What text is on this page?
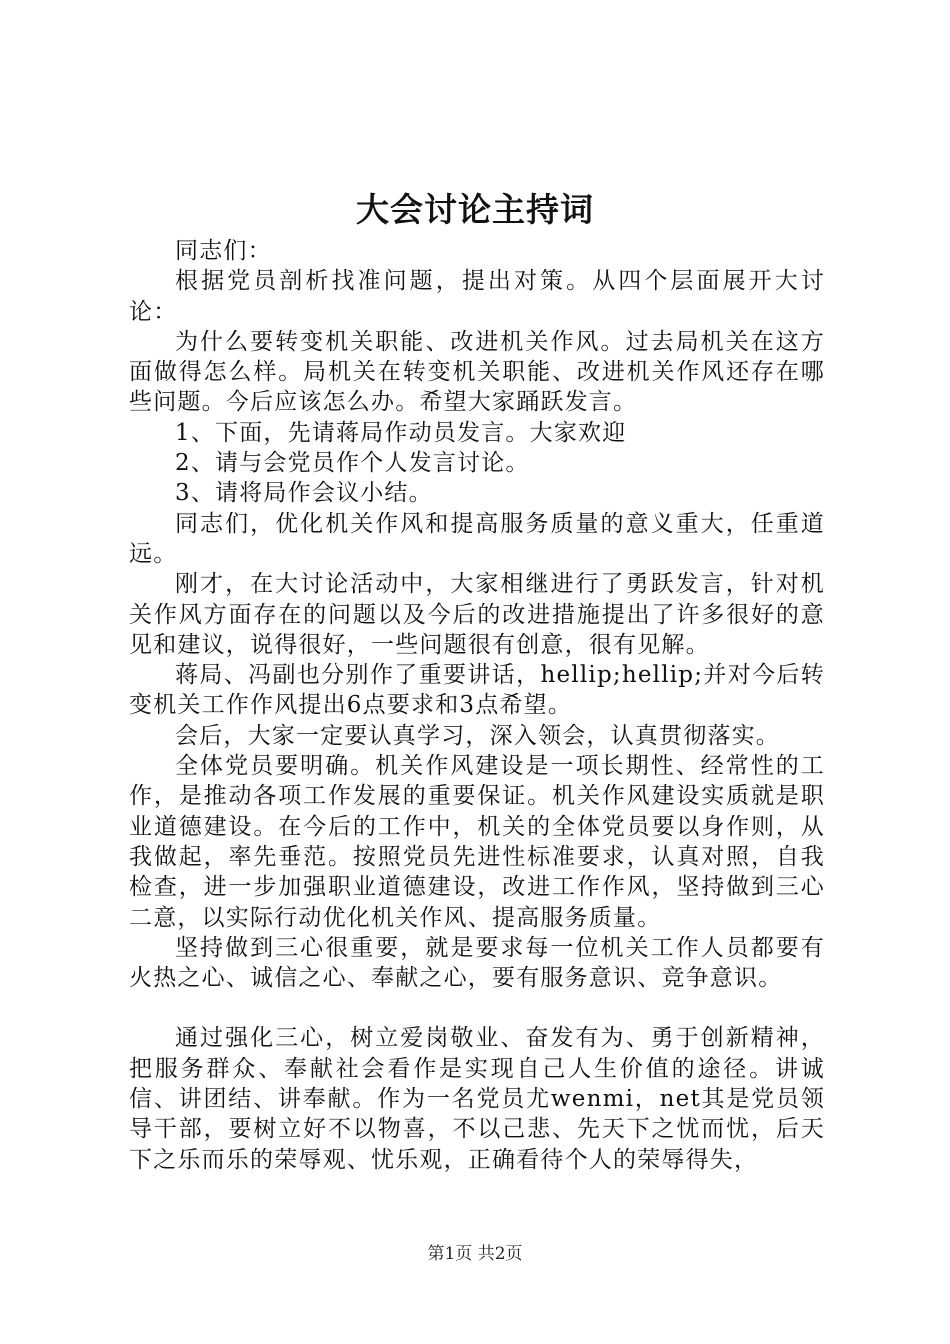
大会讨论主持词

同志们：

根据党员剖析找准问题，提出对策。从四个层面展开大讨论：

为什么要转变机关职能、改进机关作风。过去局机关在这方面做得怎么样。局机关在转变机关职能、改进机关作风还存在哪些问题。今后应该怎么办。希望大家踊跃发言。

1、下面，先请蒋局作动员发言。大家欢迎

2、请与会党员作个人发言讨论。

3、请将局作会议小结。

同志们，优化机关作风和提高服务质量的意义重大，任重道远。

刚才，在大讨论活动中，大家相继进行了勇跃发言，针对机关作风方面存在的问题以及今后的改进措施提出了许多很好的意见和建议，说得很好，一些问题很有创意，很有见解。

蒋局、冯副也分别作了重要讲话，hellip;hellip;并对今后转变机关工作作风提出6点要求和3点希望。

会后，大家一定要认真学习，深入领会，认真贯彻落实。

全体党员要明确。机关作风建设是一项长期性、经常性的工作，是推动各项工作发展的重要保证。机关作风建设实质就是职业道德建设。在今后的工作中，机关的全体党员要以身作则，从我做起，率先垂范。按照党员先进性标准要求，认真对照，自我检查，进一步加强职业道德建设，改进工作作风，坚持做到三心二意，以实际行动优化机关作风、提高服务质量。

坚持做到三心很重要，就是要求每一位机关工作人员都要有火热之心、诚信之心、奉献之心，要有服务意识、竞争意识。

通过强化三心，树立爱岗敬业、奋发有为、勇于创新精神，把服务群众、奉献社会看作是实现自己人生价值的途径。讲诚信、讲团结、讲奉献。作为一名党员尤wenmi，net其是党员领导干部，要树立好不以物喜，不以己悲、先天下之忧而忧，后天下之乐而乐的荣辱观、忧乐观，正确看待个人的荣辱得失，

第1页 共2页
